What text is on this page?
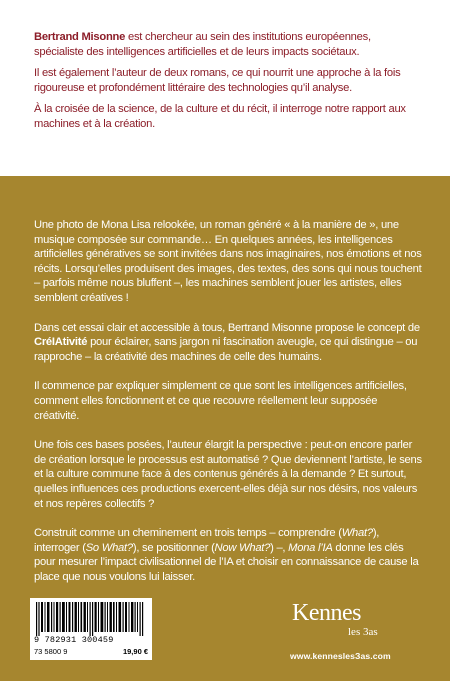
Bertrand Misonne est chercheur au sein des institutions européennes, spécialiste des intelligences artificielles et de leurs impacts sociétaux.

Il est également l’auteur de deux romans, ce qui nourrit une approche à la fois rigoureuse et profondément littéraire des technologies qu’il analyse.

À la croisée de la science, de la culture et du récit, il interroge notre rapport aux machines et à la création.

Une photo de Mona Lisa relookée, un roman généré « à la manière de », une musique composée sur commande… En quelques années, les intelligences artificielles génératives se sont invitées dans nos imaginaires, nos émotions et nos récits. Lorsqu’elles produisent des images, des textes, des sons qui nous touchent – parfois même nous bluffent –, les machines semblent jouer les artistes, elles semblent créatives !

Dans cet essai clair et accessible à tous, Bertrand Misonne propose le concept de CréIAtivité pour éclairer, sans jargon ni fascination aveugle, ce qui distingue – ou rapproche – la créativité des machines de celle des humains.

Il commence par expliquer simplement ce que sont les intelligences artificielles, comment elles fonctionnent et ce que recouvre réellement leur supposée créativité.

Une fois ces bases posées, l’auteur élargit la perspective : peut-on encore parler de création lorsque le processus est automatisé ? Que deviennent l’artiste, le sens et la culture commune face à des contenus générés à la demande ? Et surtout, quelles influences ces productions exercent-elles déjà sur nos désirs, nos valeurs et nos repères collectifs ?

Construit comme un cheminement en trois temps – comprendre (What?), interroger (So What?), se positionner (Now What?) –, Mona l’IA donne les clés pour mesurer l’impact civilisationnel de l’IA et choisir en connaissance de cause la place que nous voulons lui laisser.

9 782931 300459
73 5800 9	19,90 €
Kennes
les 3as
www.kenneslesЗas.com
